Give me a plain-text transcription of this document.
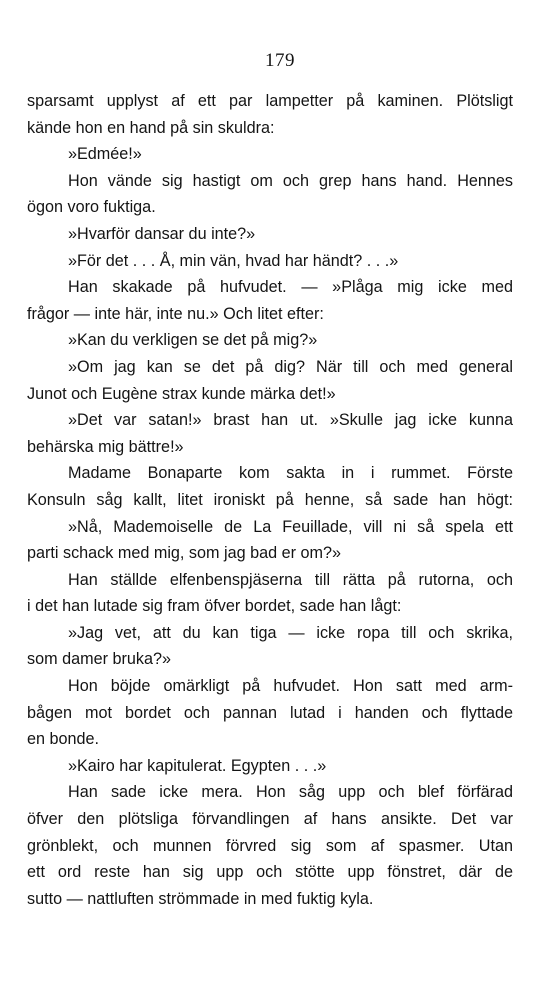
179
sparsamt upplyst af ett par lampetter på kaminen. Plötsligt
kände hon en hand på sin skuldra:
»Edmée!»
Hon vände sig hastigt om och grep hans hand. Hennes
ögon voro fuktiga.
»Hvarför dansar du inte?»
»För det . . . Å, min vän, hvad har händt? . . .»
Han skakade på hufvudet. — »Plåga mig icke med
frågor — inte här, inte nu.» Och litet efter:
»Kan du verkligen se det på mig?»
»Om jag kan se det på dig? När till och med general
Junot och Eugène strax kunde märka det!»
»Det var satan!» brast han ut. »Skulle jag icke kunna
behärska mig bättre!»
Madame Bonaparte kom sakta in i rummet. Förste
Konsuln såg kallt, litet ironiskt på henne, så sade han högt:
»Nå, Mademoiselle de La Feuillade, vill ni så spela ett
parti schack med mig, som jag bad er om?»
Han ställde elfenbenspjäserna till rätta på rutorna, och
i det han lutade sig fram öfver bordet, sade han lågt:
»Jag vet, att du kan tiga — icke ropa till och skrika,
som damer bruka?»
Hon böjde omärkligt på hufvudet. Hon satt med arm-
bågen mot bordet och pannan lutad i handen och flyttade
en bonde.
»Kairo har kapitulerat. Egypten . . .»
Han sade icke mera. Hon såg upp och blef förfärad
öfver den plötsliga förvandlingen af hans ansikte. Det var
grönblekt, och munnen förvred sig som af spasmer. Utan
ett ord reste han sig upp och stötte upp fönstret, där de
sutto — nattluften strömmade in med fuktig kyla.
